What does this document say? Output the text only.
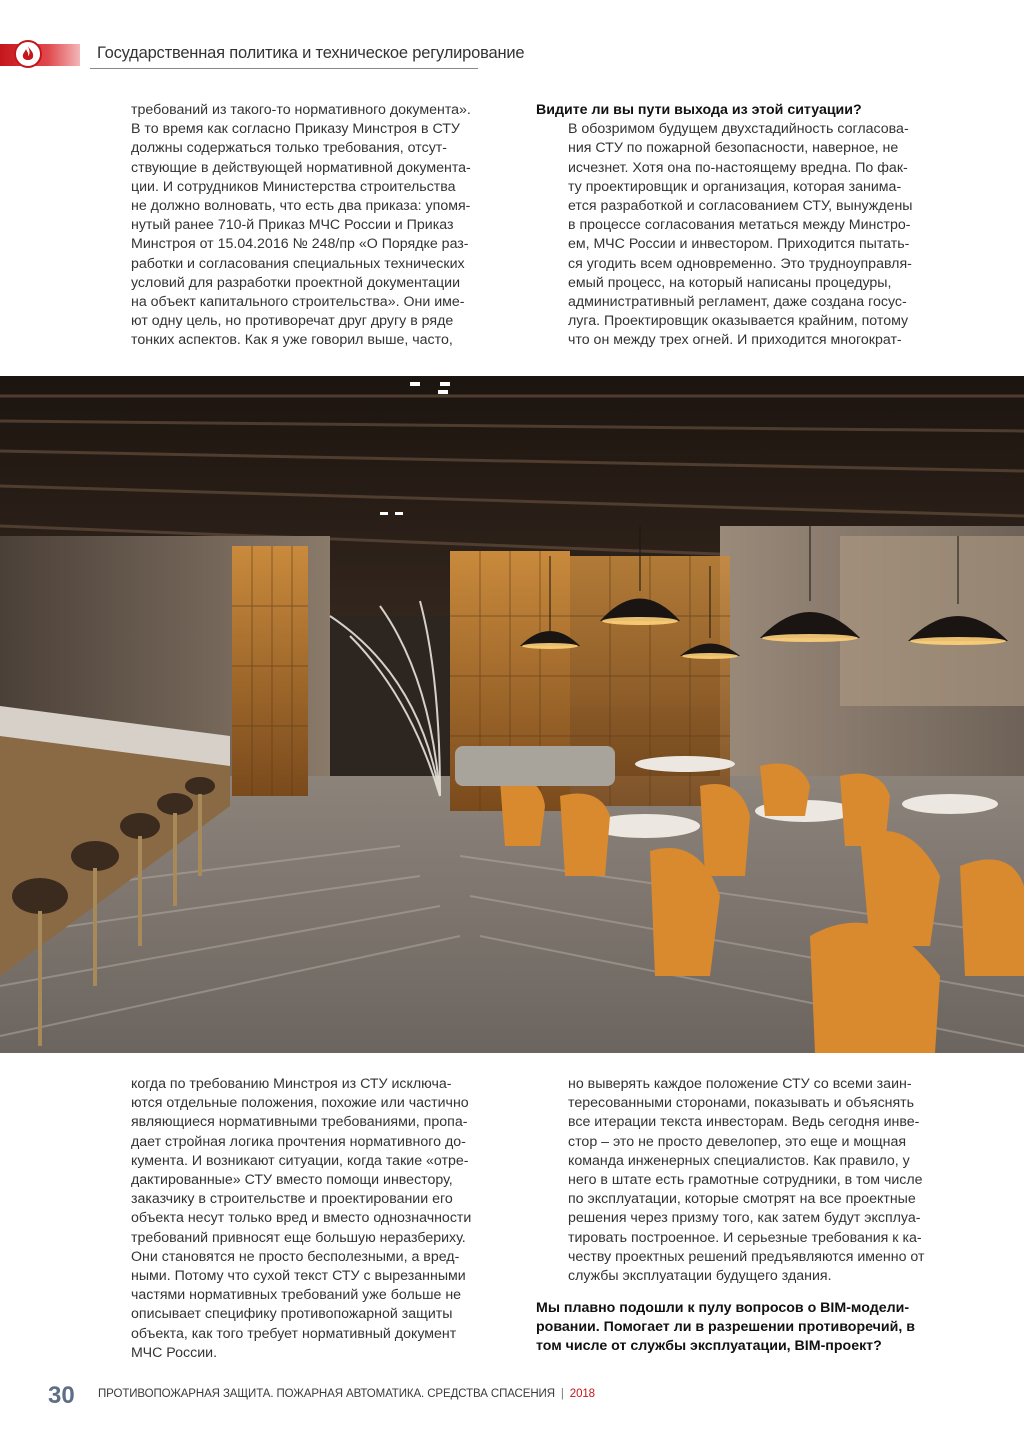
Государственная политика и техническое регулирование

требований из такого-то нормативного документа».

В то время как согласно Приказу Минстроя в СТУ

должны содержаться только требования, отсут-

ствующие в действующей нормативной документа-

ции. И сотрудников Министерства строительства

не должно волновать, что есть два приказа: упомя-

нутый ранее 710-й Приказ МЧС России и Приказ

Минстроя от 15.04.2016 № 248/пр «О Порядке раз-

работки и согласования специальных технических

условий для разработки проектной документации

на объект капитального строительства». Они име-

ют одну цель, но противоречат друг другу в ряде

тонких аспектов. Как я уже говорил выше, часто,

Видите ли вы пути выхода из этой ситуации?

В обозримом будущем двухстадийность согласова-

ния СТУ по пожарной безопасности, наверное, не

исчезнет. Хотя она по-настоящему вредна. По фак-

ту проектировщик и организация, которая занима-

ется разработкой и согласованием СТУ, вынуждены

в процессе согласования метаться между Минстро-

ем, МЧС России и инвестором. Приходится пытать-

ся угодить всем одновременно. Это трудноуправля-

емый процесс, на который написаны процедуры,

административный регламент, даже создана госус-

луга. Проектировщик оказывается крайним, потому

что он между трех огней. И приходится многократ-

когда по требованию Минстроя из СТУ исключа-

ются отдельные положения, похожие или частично

являющиеся нормативными требованиями, пропа-

дает стройная логика прочтения нормативного до-

кумента. И возникают ситуации, когда такие «отре-

дактированные» СТУ вместо помощи инвестору,

заказчику в строительстве и проектировании его

объекта несут только вред и вместо однозначности

требований привносят еще большую неразбериху.

Они становятся не просто бесполезными, а вред-

ными. Потому что сухой текст СТУ с вырезанными

частями нормативных требований уже больше не

описывает специфику противопожарной защиты

объекта, как того требует нормативный документ

МЧС России.

но выверять каждое положение СТУ со всеми заин-

тересованными сторонами, показывать и объяснять

все итерации текста инвесторам. Ведь сегодня инве-

стор – это не просто девелопер, это еще и мощная

команда инженерных специалистов. Как правило, у

него в штате есть грамотные сотрудники, в том числе

по эксплуатации, которые смотрят на все проектные

решения через призму того, как затем будут эксплуа-

тировать построенное. И серьезные требования к ка-

честву проектных решений предъявляются именно от

службы эксплуатации будущего здания.

Мы плавно подошли к пулу вопросов о BIM-модели-

ровании. Помогает ли в разрешении противоречий, в

том числе от службы эксплуатации, BIM-проект?

30 ПРОТИВОПОЖАРНАЯ ЗАЩИТА. ПОЖАРНАЯ АВТОМАТИКА. СРЕДСТВА СПАСЕНИЯ | 2018
